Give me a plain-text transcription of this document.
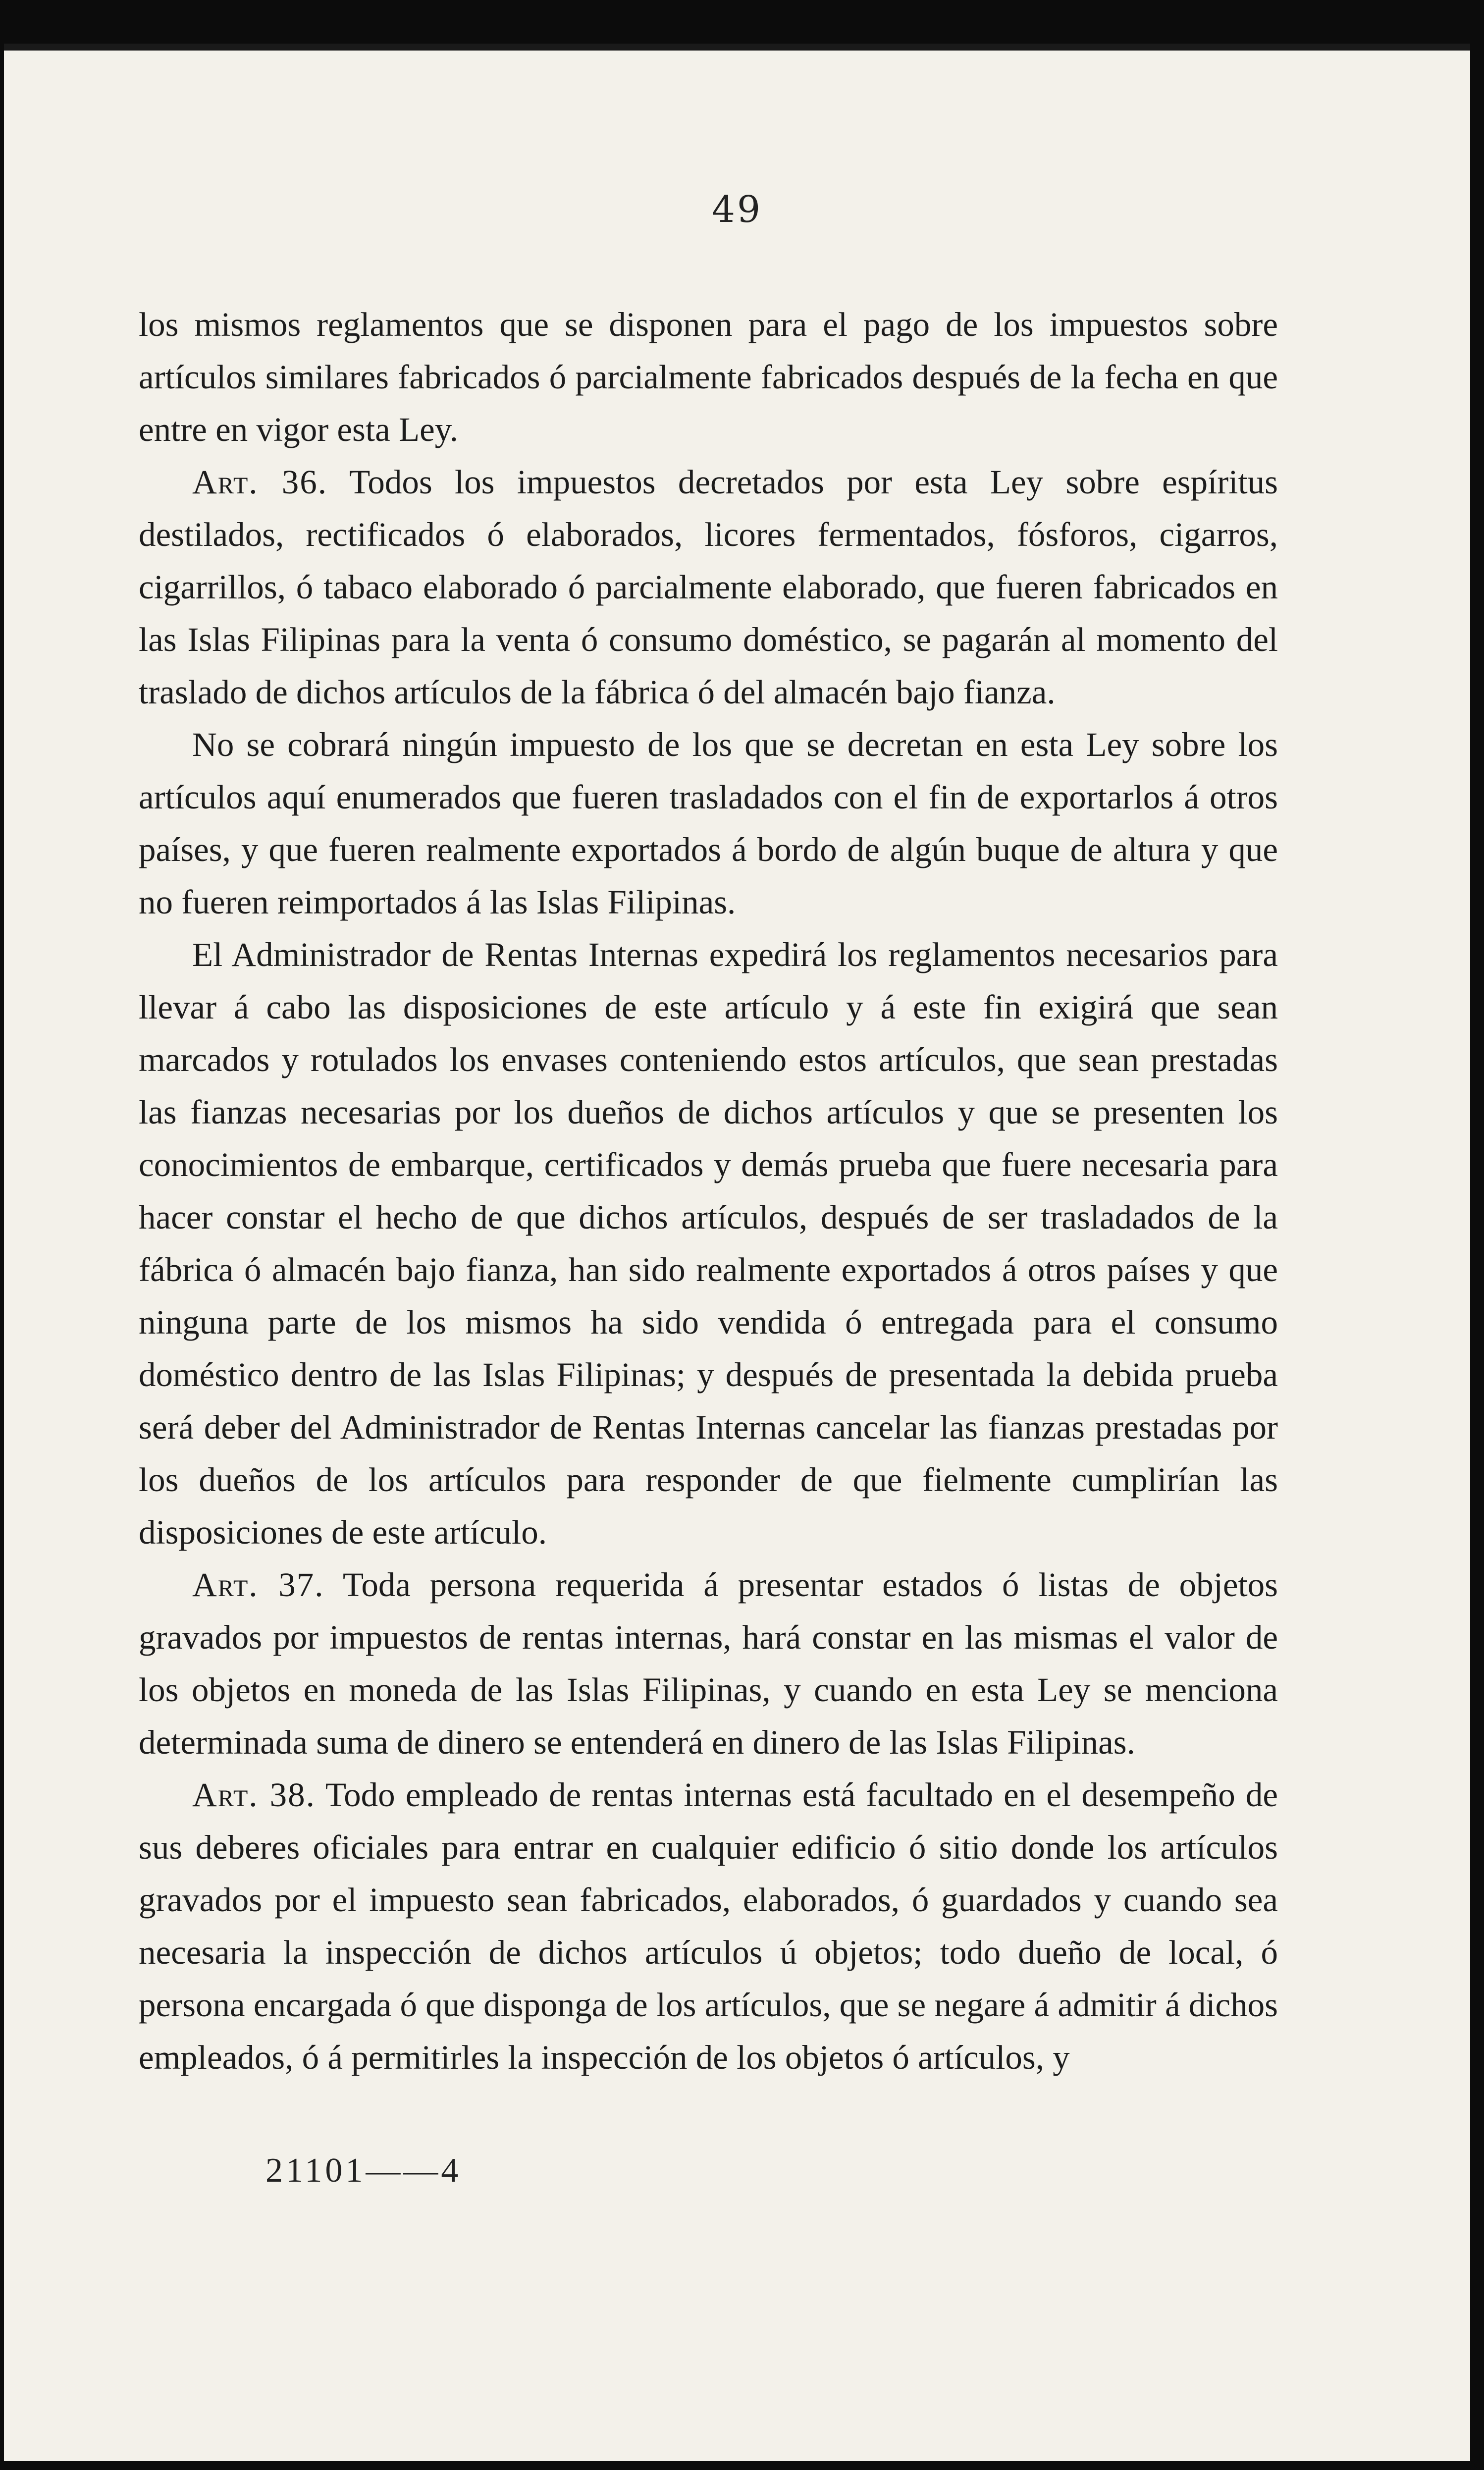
49

los mismos reglamentos que se disponen para el pago de los impuestos sobre artículos similares fabricados ó parcialmente fabricados después de la fecha en que entre en vigor esta Ley.

Art. 36. Todos los impuestos decretados por esta Ley sobre espíritus destilados, rectificados ó elaborados, licores fermentados, fósforos, cigarros, cigarrillos, ó tabaco elaborado ó parcialmente elaborado, que fueren fabricados en las Islas Filipinas para la venta ó consumo doméstico, se pagarán al momento del traslado de dichos artículos de la fábrica ó del almacén bajo fianza.

No se cobrará ningún impuesto de los que se decretan en esta Ley sobre los artículos aquí enumerados que fueren trasladados con el fin de exportarlos á otros países, y que fueren realmente exportados á bordo de algún buque de altura y que no fueren reimportados á las Islas Filipinas.

El Administrador de Rentas Internas expedirá los reglamentos necesarios para llevar á cabo las disposiciones de este artículo y á este fin exigirá que sean marcados y rotulados los envases conteniendo estos artículos, que sean prestadas las fianzas necesarias por los dueños de dichos artículos y que se presenten los conocimientos de embarque, certificados y demás prueba que fuere necesaria para hacer constar el hecho de que dichos artículos, después de ser trasladados de la fábrica ó almacén bajo fianza, han sido realmente exportados á otros países y que ninguna parte de los mismos ha sido vendida ó entregada para el consumo doméstico dentro de las Islas Filipinas; y después de presentada la debida prueba será deber del Administrador de Rentas Internas cancelar las fianzas prestadas por los dueños de los artículos para responder de que fielmente cumplirían las disposiciones de este artículo.

Art. 37. Toda persona requerida á presentar estados ó listas de objetos gravados por impuestos de rentas internas, hará constar en las mismas el valor de los objetos en moneda de las Islas Filipinas, y cuando en esta Ley se menciona determinada suma de dinero se entenderá en dinero de las Islas Filipinas.

Art. 38. Todo empleado de rentas internas está facultado en el desempeño de sus deberes oficiales para entrar en cualquier edificio ó sitio donde los artículos gravados por el impuesto sean fabricados, elaborados, ó guardados y cuando sea necesaria la inspección de dichos artículos ú objetos; todo dueño de local, ó persona encargada ó que disponga de los artículos, que se negare á admitir á dichos empleados, ó á permitirles la inspección de los objetos ó artículos, y

21101——4
